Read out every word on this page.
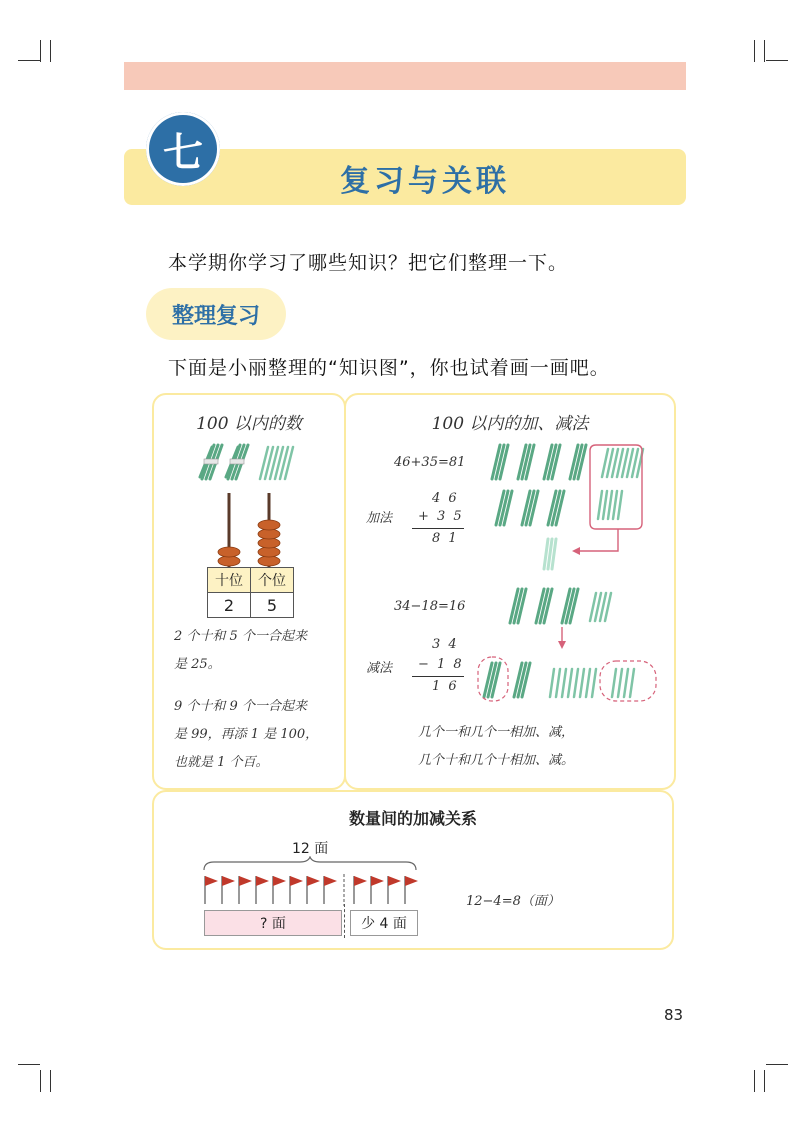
复习与关联
七
本学期你学习了哪些知识？把它们整理一下。
整理复习
下面是小丽整理的“知识图”，你也试着画一画吧。
100 以内的数
十位	个位
2	5
2 个十和 5 个一合起来
是 25。
9 个十和 9 个一合起来
是 99，再添 1 是 100，
也就是 1 个百。
100 以内的加、减法
46+35=81
加法
4 6
+ 3 5
8 1
34−18=16
减法
3 4
− 1 8
1 6
几个一和几个一相加、减，
几个十和几个十相加、减。
数量间的加减关系
12 面
? 面	少 4 面
12−4=8（面）
83
